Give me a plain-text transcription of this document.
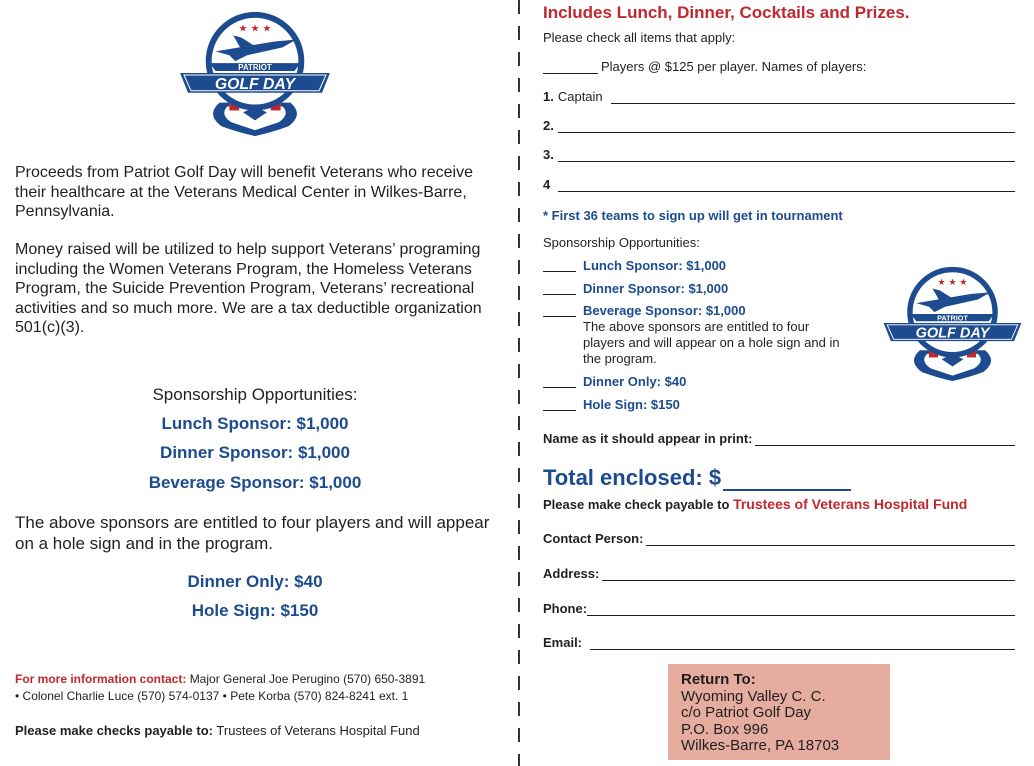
★ ★ ★
PATRIOT
GOLF DAY
Proceeds from Patriot Golf Day will benefit Veterans who receive their healthcare at the Veterans Medical Center in Wilkes-Barre, Pennsylvania.
Money raised will be utilized to help support Veterans’ programing including the Women Veterans Program, the Homeless Veterans Program, the Suicide Prevention Program, Veterans’ recreational activities and so much more. We are a tax deductible organization 501(c)(3).
Sponsorship Opportunities:
Lunch Sponsor: $1,000
Dinner Sponsor: $1,000
Beverage Sponsor: $1,000
The above sponsors are entitled to four players and will appear on a hole sign and in the program.
Dinner Only: $40
Hole Sign: $150
For more information contact: Major General Joe Perugino (570) 650-3891
• Colonel Charlie Luce (570) 574-0137 • Pete Korba (570) 824-8241 ext. 1
Please make checks payable to: Trustees of Veterans Hospital Fund
Includes Lunch, Dinner, Cocktails and Prizes.
Please check all items that apply:
Players @ $125 per player. Names of players:
1. Captain
2.
3.
4
* First 36 teams to sign up will get in tournament
Sponsorship Opportunities:
Lunch Sponsor: $1,000
Dinner Sponsor: $1,000
Beverage Sponsor: $1,000
The above sponsors are entitled to four players and will appear on a hole sign and in the program.
Dinner Only: $40
Hole Sign: $150
★ ★ ★
PATRIOT
GOLF DAY
Name as it should appear in print:
Total enclosed: $
Please make check payable to Trustees of Veterans Hospital Fund
Contact Person:
Address:
Phone:
Email:
Return To:
Wyoming Valley C. C.
c/o Patriot Golf Day
P.O. Box 996
Wilkes-Barre, PA 18703
